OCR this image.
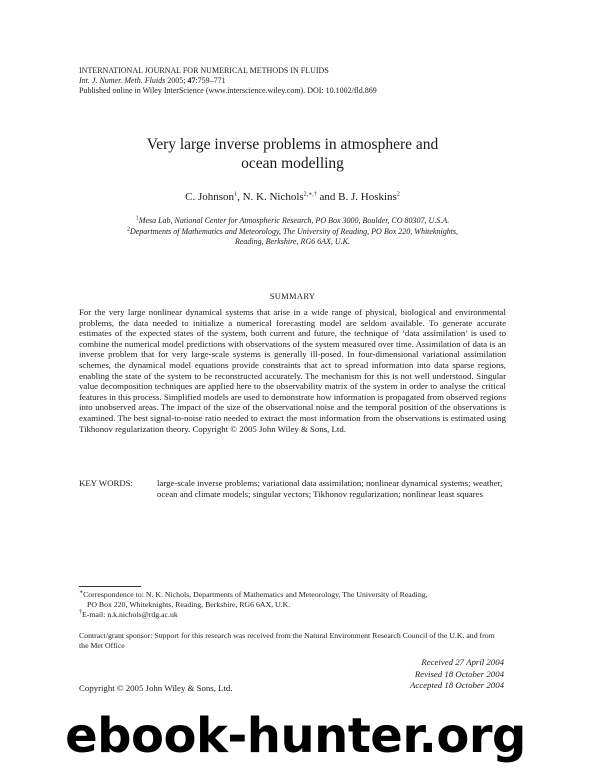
INTERNATIONAL JOURNAL FOR NUMERICAL METHODS IN FLUIDS
Int. J. Numer. Meth. Fluids 2005; 47:759–771
Published online in Wiley InterScience (www.interscience.wiley.com). DOI: 10.1002/fld.869
Very large inverse problems in atmosphere and
ocean modelling
C. Johnson$^1$, N. K. Nichols$^{2,∗,\dagger}$ and B. J. Hoskins$^2$
$^1$Mesa Lab, National Center for Atmospheric Research, PO Box 3000, Boulder, CO 80307, U.S.A.
$^2$Departments of Mathematics and Meteorology, The University of Reading, PO Box 220, Whiteknights,
Reading, Berkshire, RG6 6AX, U.K.
SUMMARY
For the very large nonlinear dynamical systems that arise in a wide range of physical, biological and environmental problems, the data needed to initialize a numerical forecasting model are seldom available. To generate accurate estimates of the expected states of the system, both current and future, the technique of ‘data assimilation’ is used to combine the numerical model predictions with observations of the system measured over time. Assimilation of data is an inverse problem that for very large-scale systems is generally ill-posed. In four-dimensional variational assimilation schemes, the dynamical model equations provide constraints that act to spread information into data sparse regions, enabling the state of the system to be reconstructed accurately. The mechanism for this is not well understood. Singular value decomposition techniques are applied here to the observability matrix of the system in order to analyse the critical features in this process. Simplified models are used to demonstrate how information is propagated from observed regions into unobserved areas. The impact of the size of the observational noise and the temporal position of the observations is examined. The best signal-to-noise ratio needed to extract the most information from the observations is estimated using Tikhonov regularization theory. Copyright © 2005 John Wiley & Sons, Ltd.
KEY WORDS:	large-scale inverse problems; variational data assimilation; nonlinear dynamical systems; weather, ocean and climate models; singular vectors; Tikhonov regularization; nonlinear least squares
∗Correspondence to: N. K. Nichols, Departments of Mathematics and Meteorology, The University of Reading,
PO Box 220, Whiteknights, Reading, Berkshire, RG6 6AX, U.K.
†E-mail: n.k.nichols@rdg.ac.uk
Contract/grant sponsor: Support for this research was received from the Natural Environment Research Council of the U.K. and from the Met Office
Received 27 April 2004
Revised 18 October 2004
Accepted 18 October 2004
Copyright © 2005 John Wiley & Sons, Ltd.
ebook-hunter.org
